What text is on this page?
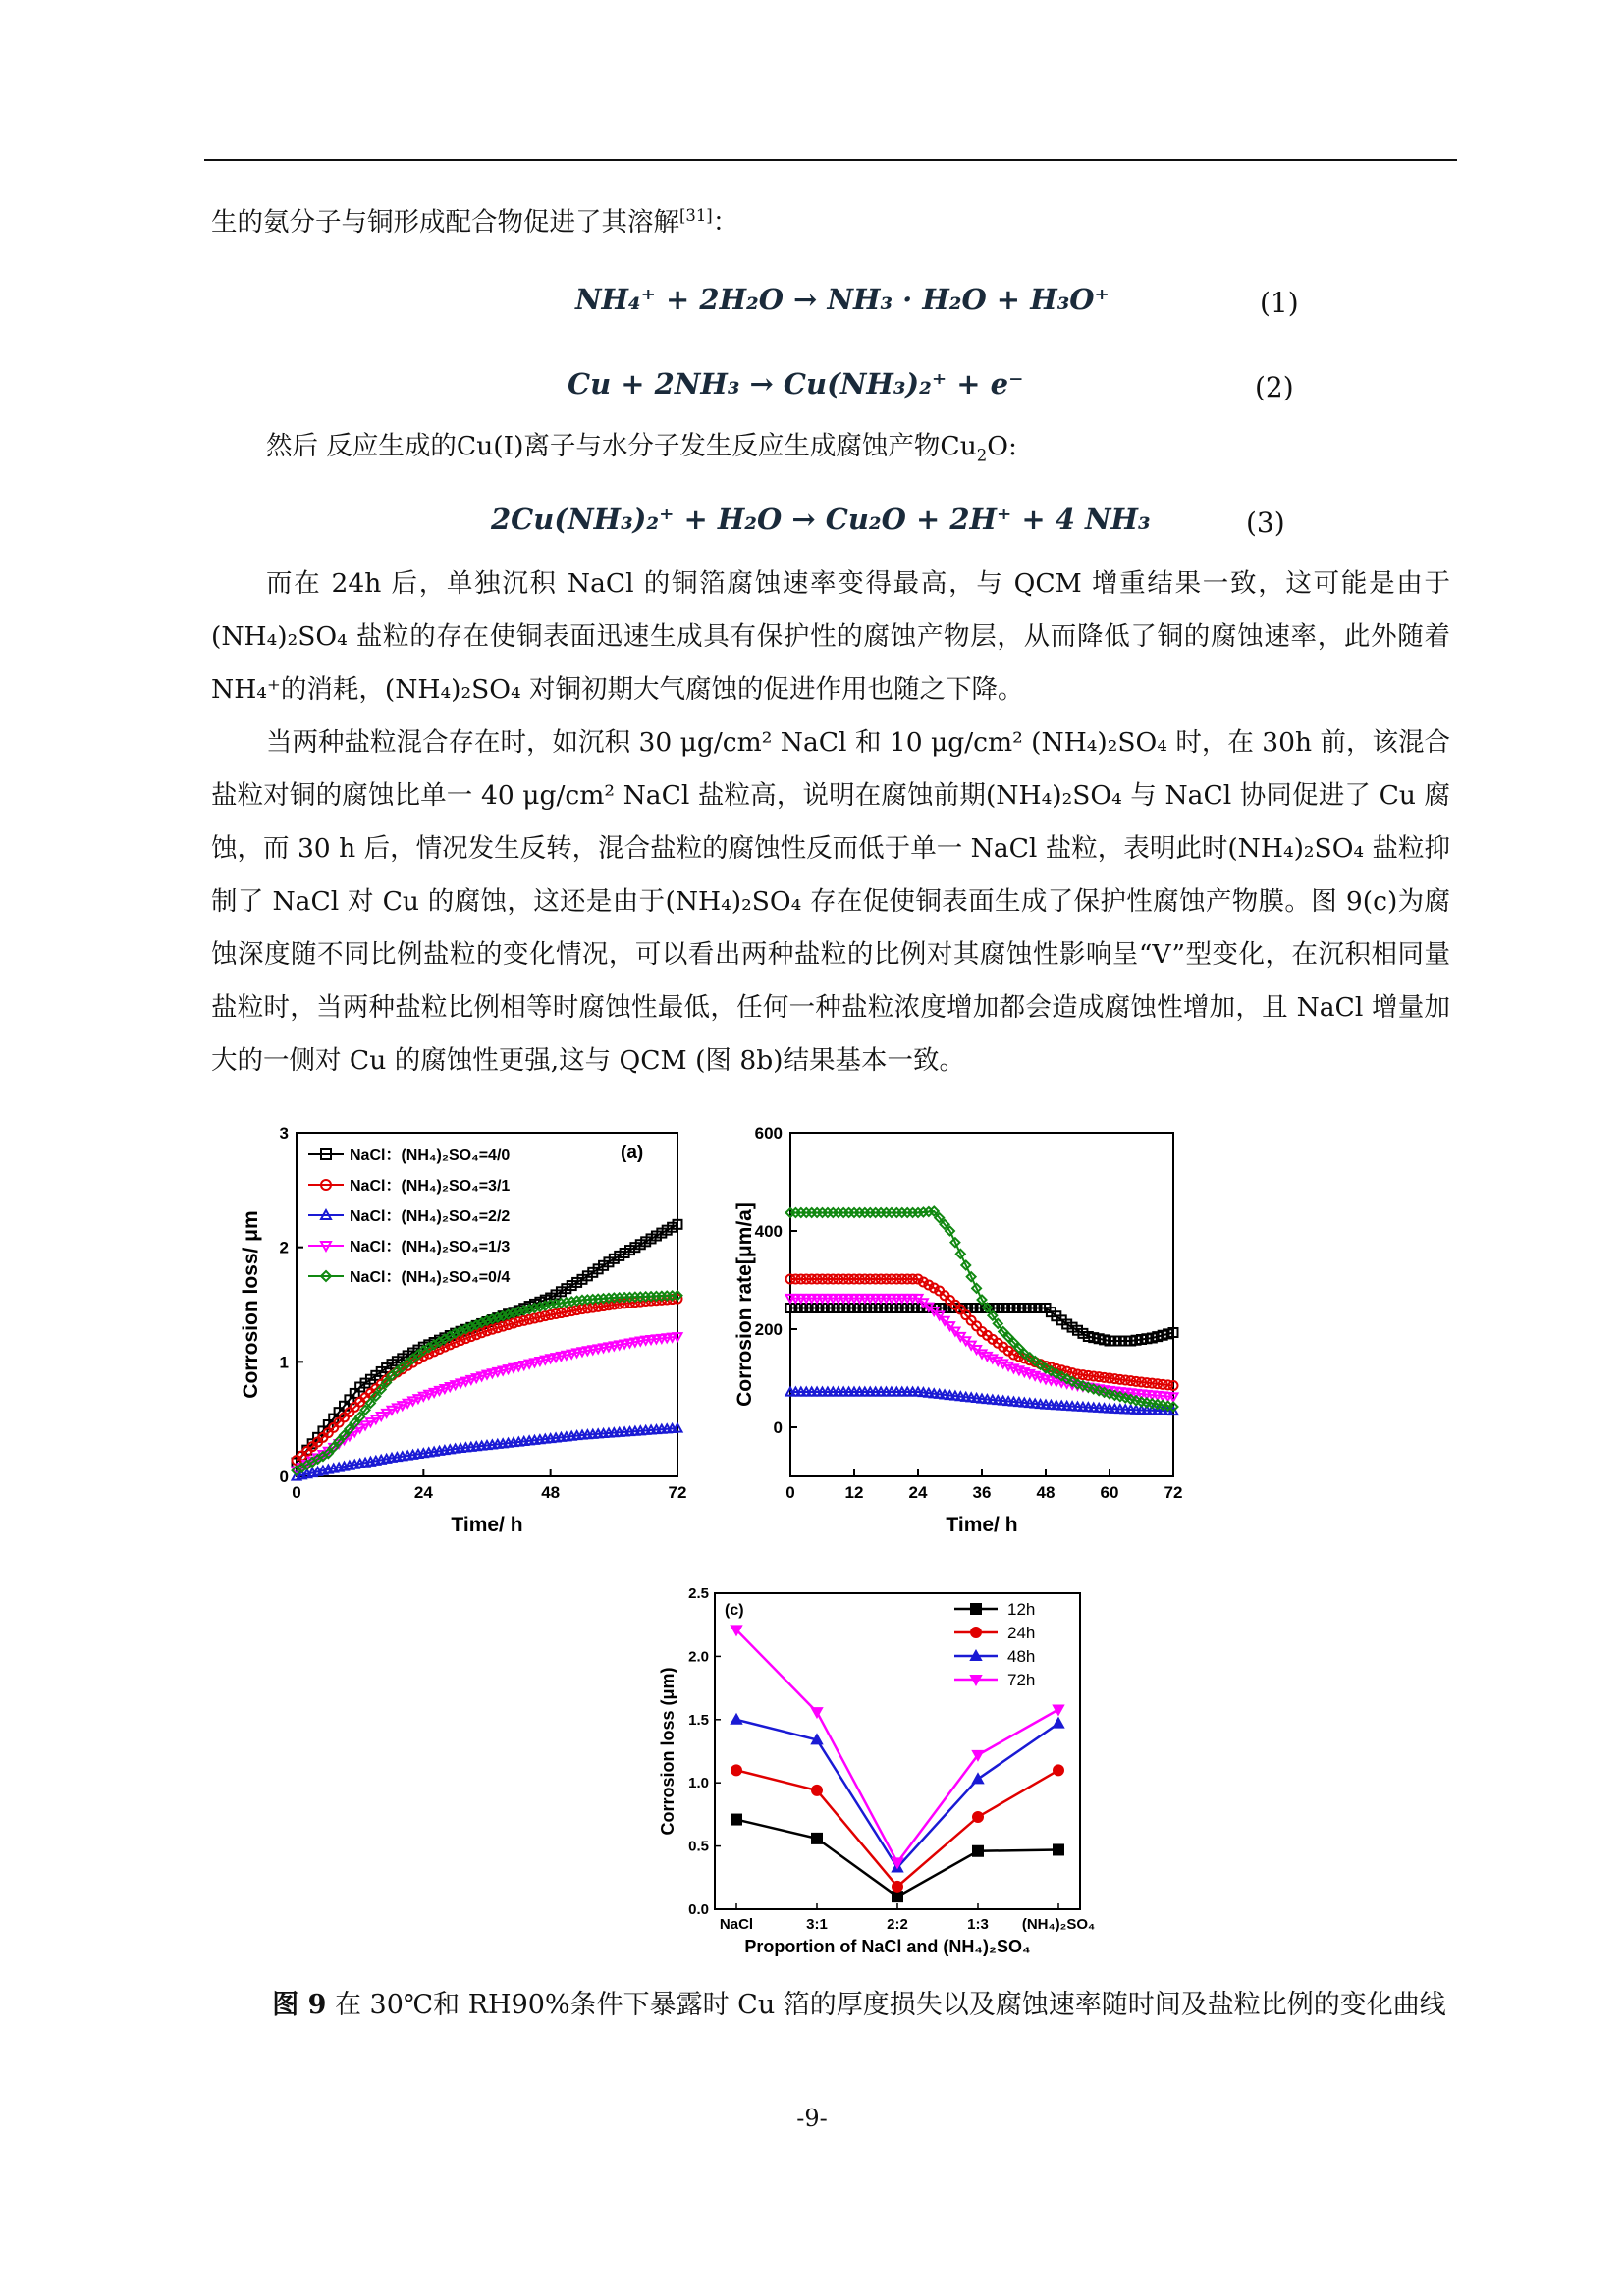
生的氨分子与铜形成配合物促进了其溶解[31]：
NH₄⁺ + 2H₂O → NH₃ · H₂O + H₃O⁺	(1)
Cu + 2NH₃ → Cu(NH₃)₂⁺ + e⁻	(2)
然后 反应生成的Cu(I)离子与水分子发生反应生成腐蚀产物$Cu_2O$:
2Cu(NH₃)₂⁺ + H₂O → Cu₂O + 2H⁺ + 4 NH₃	(3)
而在 24h 后，单独沉积 NaCl 的铜箔腐蚀速率变得最高，与 QCM 增重结果一致，这可能是由于(NH₄)₂SO₄ 盐粒的存在使铜表面迅速生成具有保护性的腐蚀产物层，从而降低了铜的腐蚀速率，此外随着 NH₄⁺的消耗，(NH₄)₂SO₄ 对铜初期大气腐蚀的促进作用也随之下降。
当两种盐粒混合存在时，如沉积 30 μg/cm² NaCl 和 10 μg/cm² (NH₄)₂SO₄ 时，在 30h 前，该混合盐粒对铜的腐蚀比单一 40 μg/cm² NaCl 盐粒高，说明在腐蚀前期(NH₄)₂SO₄ 与 NaCl 协同促进了 Cu 腐蚀，而 30 h 后，情况发生反转，混合盐粒的腐蚀性反而低于单一 NaCl 盐粒，表明此时(NH₄)₂SO₄ 盐粒抑制了 NaCl 对 Cu 的腐蚀，这还是由于(NH₄)₂SO₄ 存在促使铜表面生成了保护性腐蚀产物膜。图 9(c)为腐蚀深度随不同比例盐粒的变化情况，可以看出两种盐粒的比例对其腐蚀性影响呈“V”型变化，在沉积相同量盐粒时，当两种盐粒比例相等时腐蚀性最低，任何一种盐粒浓度增加都会造成腐蚀性增加，且 NaCl 增量加大的一侧对 Cu 的腐蚀性更强,这与 QCM (图 8b)结果基本一致。
0	24	48	72
0
1
2
3
Time/ h
Corrosion loss/ μm
(a)
NaCl：(NH₄)₂SO₄=4/0
NaCl：(NH₄)₂SO₄=3/1
NaCl：(NH₄)₂SO₄=2/2
NaCl：(NH₄)₂SO₄=1/3
NaCl：(NH₄)₂SO₄=0/4
0	12	24	36	48	60	72
0
200
400
600
Time/ h
Corrosion rate[μm/a]
0.0
0.5
1.0
1.5
2.0
2.5
NaCl	3:1	2:2	1:3 (NH₄)₂SO₄
Proportion of NaCl and (NH₄)₂SO₄
Corrosion loss (μm)
(c)	12h
24h
48h
72h
图 9 在 30℃和 RH90%条件下暴露时 Cu 箔的厚度损失以及腐蚀速率随时间及盐粒比例的变化曲线
-9-
